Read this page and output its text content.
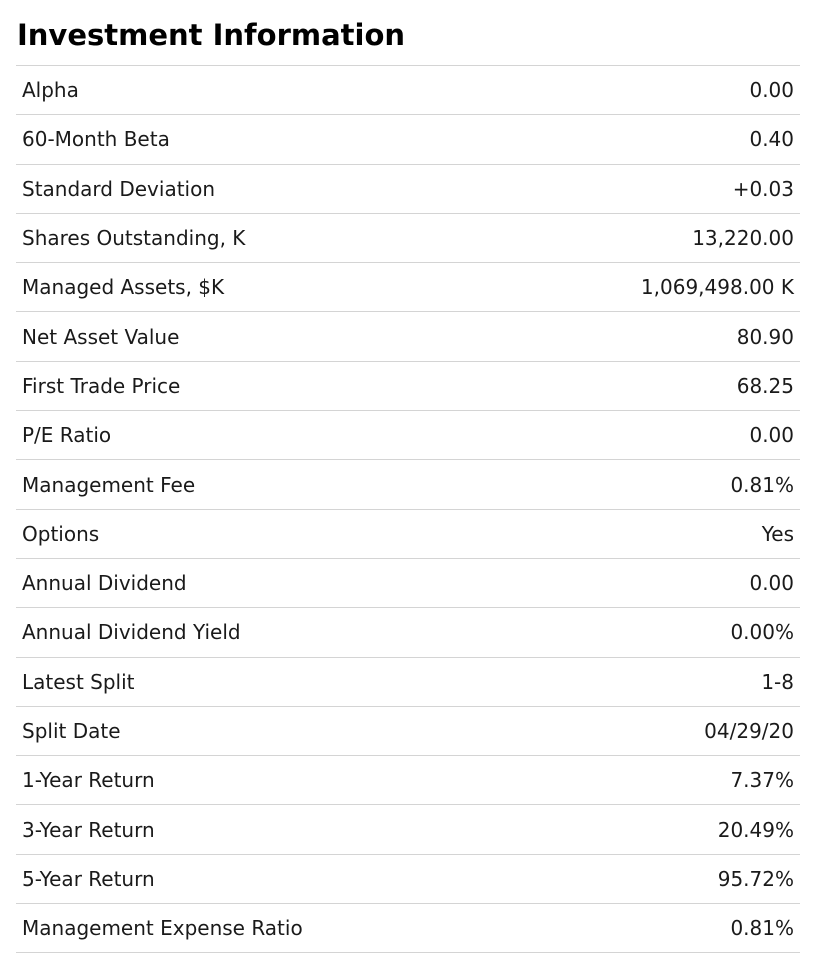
Investment Information
Alpha	0.00
60-Month Beta	0.40
Standard Deviation	+0.03
Shares Outstanding, K	13,220.00
Managed Assets, $K	1,069,498.00 K
Net Asset Value	80.90
First Trade Price	68.25
P/E Ratio	0.00
Management Fee	0.81%
Options	Yes
Annual Dividend	0.00
Annual Dividend Yield	0.00%
Latest Split	1-8
Split Date	04/29/20
1-Year Return	7.37%
3-Year Return	20.49%
5-Year Return	95.72%
Management Expense Ratio	0.81%
